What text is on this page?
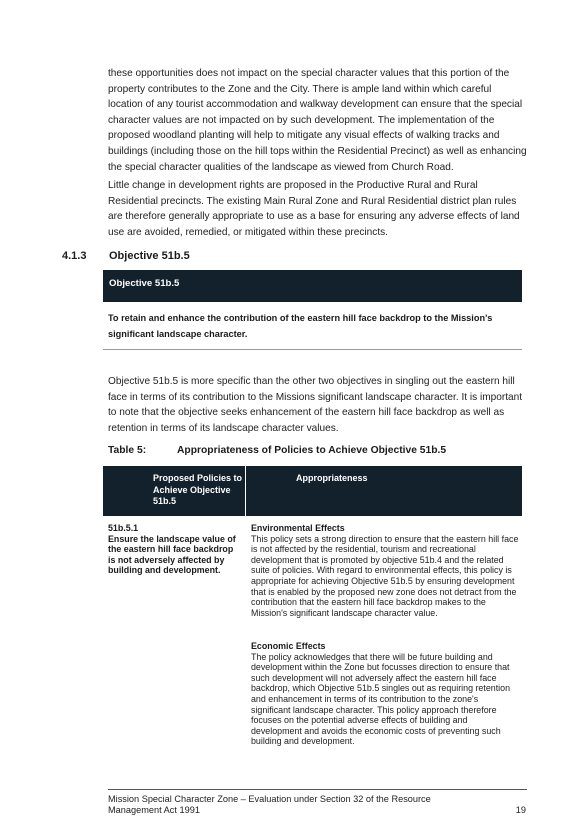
these opportunities does not impact on the special character values that this portion of the property contributes to the Zone and the City. There is ample land within which careful location of any tourist accommodation and walkway development can ensure that the special character values are not impacted on by such development. The implementation of the proposed woodland planting will help to mitigate any visual effects of walking tracks and buildings (including those on the hill tops within the Residential Precinct) as well as enhancing the special character qualities of the landscape as viewed from Church Road.

Little change in development rights are proposed in the Productive Rural and Rural Residential precincts. The existing Main Rural Zone and Rural Residential district plan rules are therefore generally appropriate to use as a base for ensuring any adverse effects of land use are avoided, remedied, or mitigated within these precincts.

4.1.3 Objective 51b.5
Objective 51b.5

To retain and enhance the contribution of the eastern hill face backdrop to the Mission's significant landscape character.

Objective 51b.5 is more specific than the other two objectives in singling out the eastern hill face in terms of its contribution to the Missions significant landscape character. It is important to note that the objective seeks enhancement of the eastern hill face backdrop as well as retention in terms of its landscape character values.

Table 5:	Appropriateness of Policies to Achieve Objective 51b.5
Proposed Policies to Achieve Objective 51b.5
Appropriateness
51b.5.1
Ensure the landscape value of the eastern hill face backdrop is not adversely affected by building and development.
Environmental Effects
This policy sets a strong direction to ensure that the eastern hill face is not affected by the residential, tourism and recreational development that is promoted by objective 51b.4 and the related suite of policies. With regard to environmental effects, this policy is appropriate for achieving Objective 51b.5 by ensuring development that is enabled by the proposed new zone does not detract from the contribution that the eastern hill face backdrop makes to the Mission's significant landscape character value.
Economic Effects
The policy acknowledges that there will be future building and development within the Zone but focusses direction to ensure that such development will not adversely affect the eastern hill face backdrop, which Objective 51b.5 singles out as requiring retention and enhancement in terms of its contribution to the zone's significant landscape character. This policy approach therefore focuses on the potential adverse effects of building and development and avoids the economic costs of preventing such building and development.
Mission Special Character Zone – Evaluation under Section 32 of the Resource Management Act 1991	19
